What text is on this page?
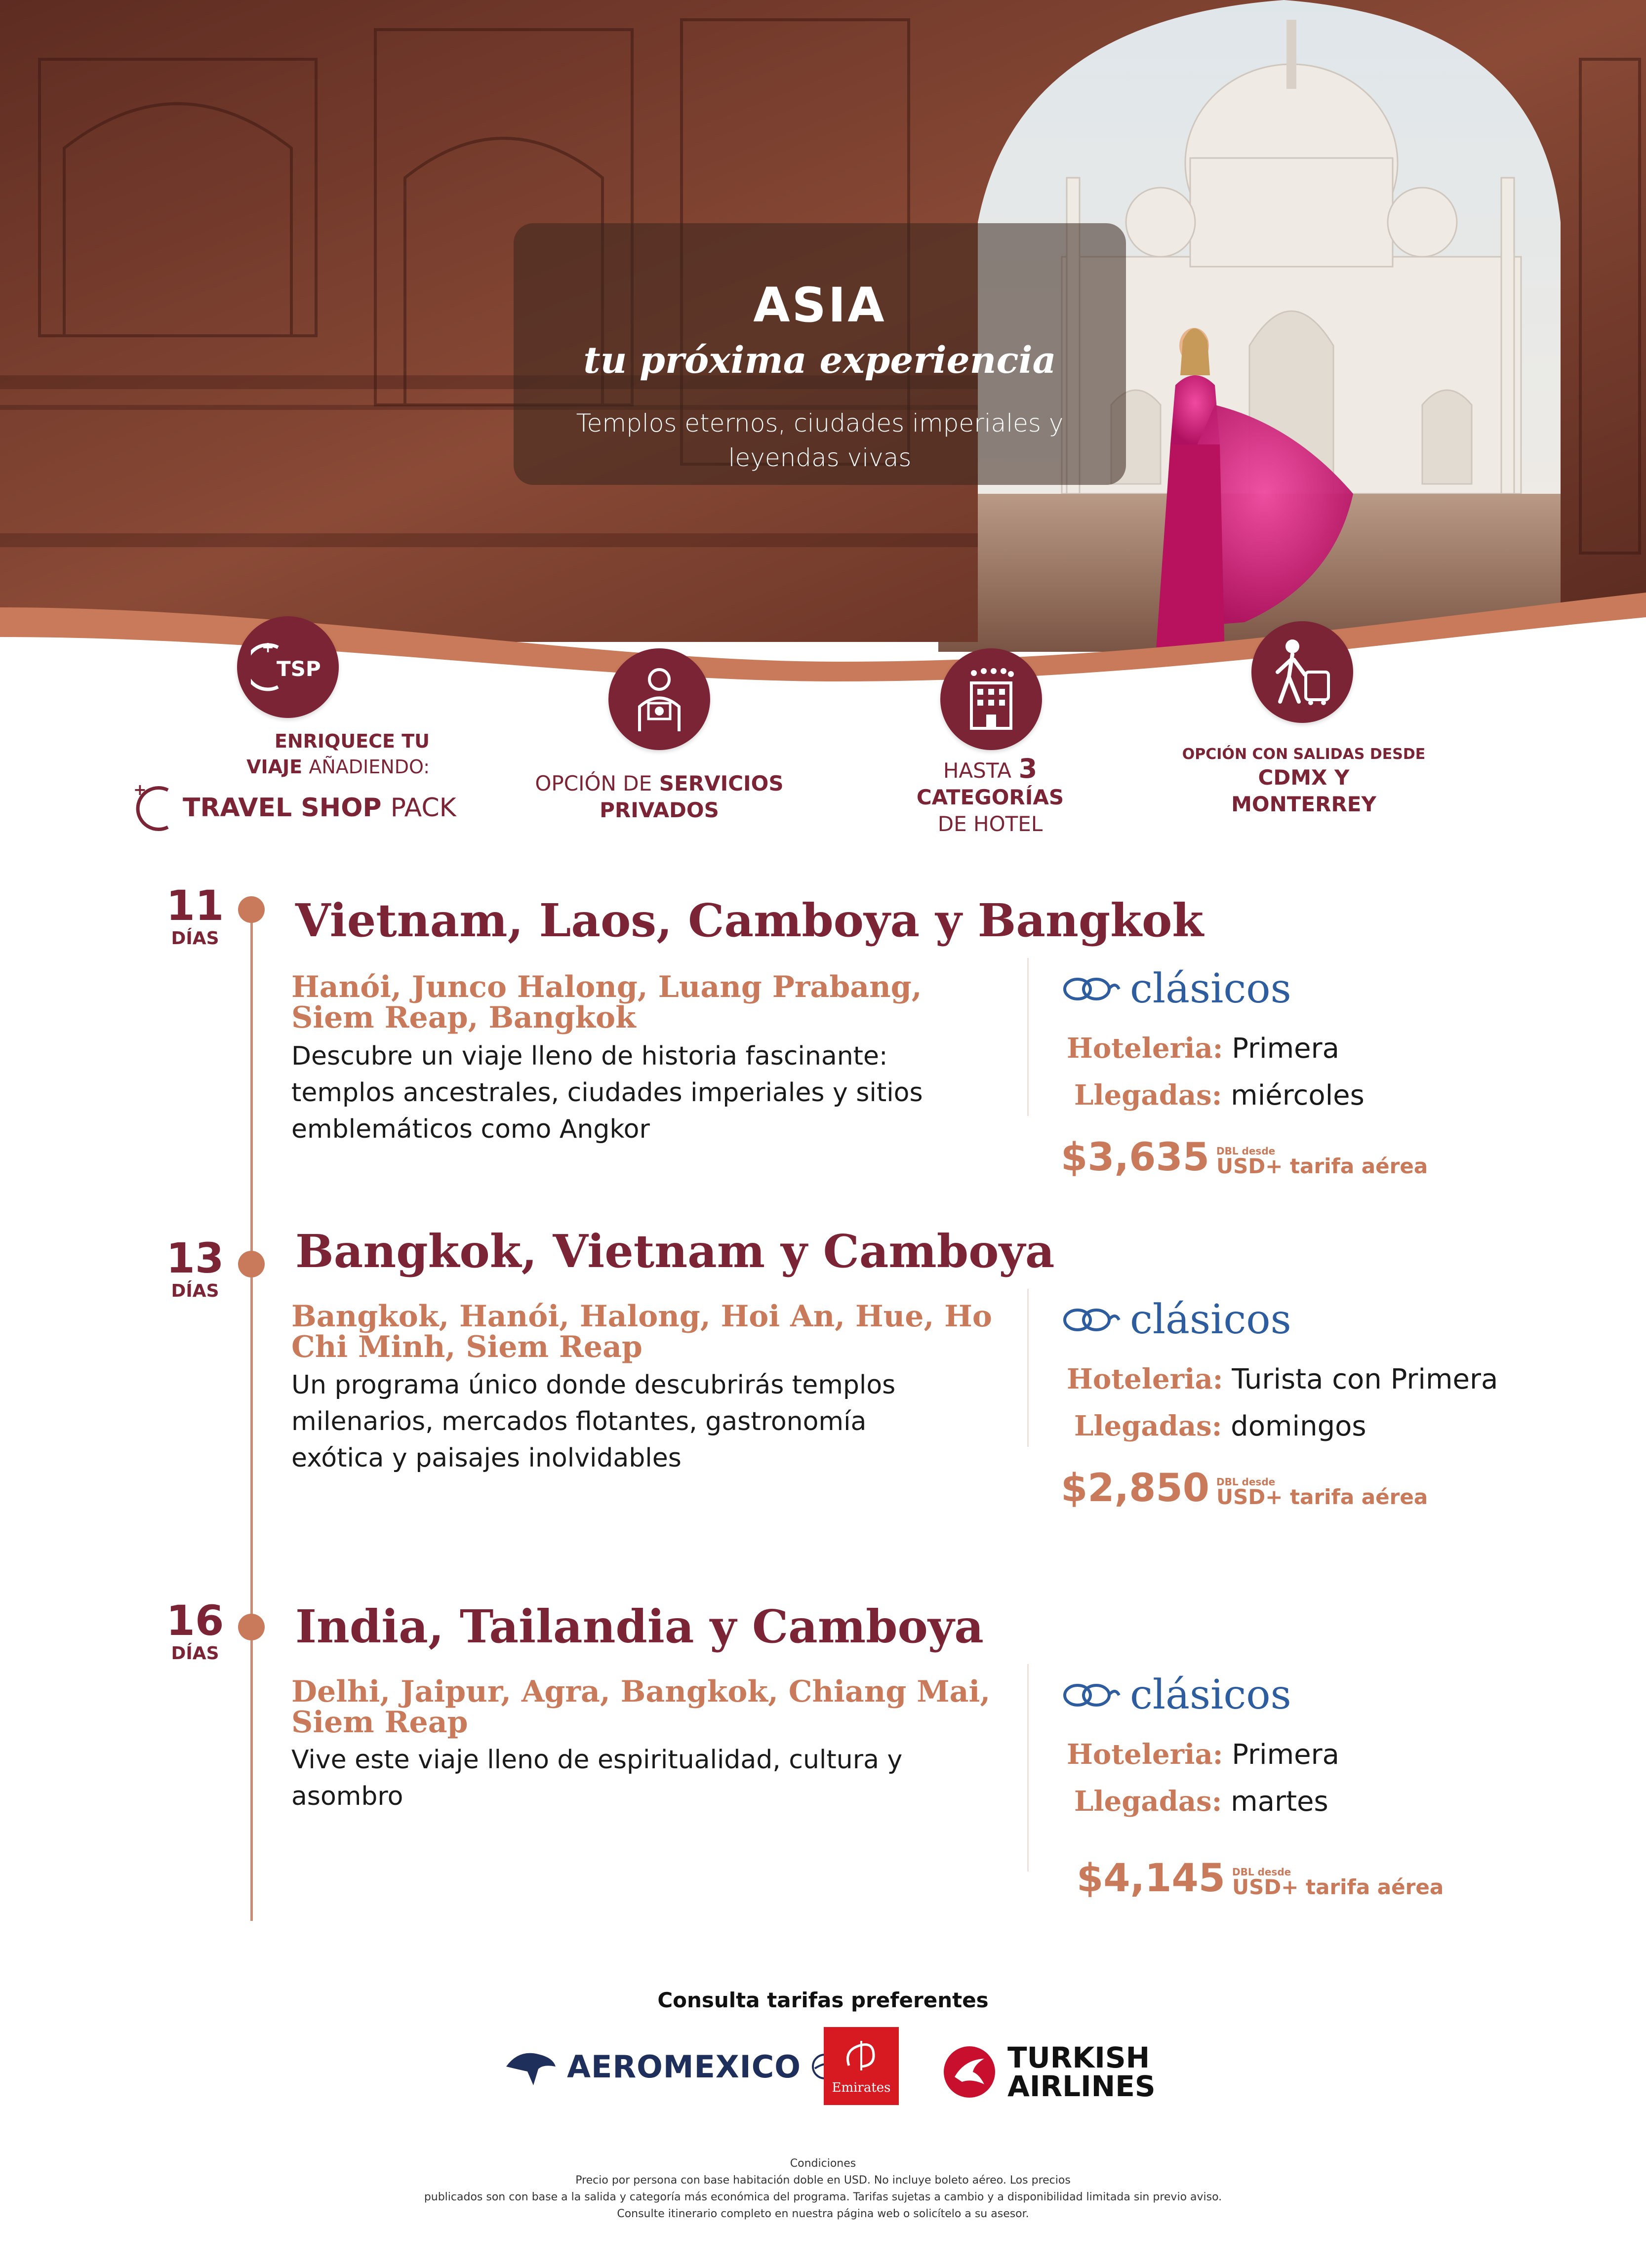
ASIA
tu próxima experiencia
Templos eternos, ciudades imperiales y leyendas vivas
+
TSP
ENRIQUECE TU
VIAJE AÑADIENDO:
+
TRAVEL SHOP PACK
OPCIÓN DE SERVICIOS
PRIVADOS
HASTA 3
CATEGORÍAS
DE HOTEL
OPCIÓN CON SALIDAS DESDE
CDMX Y
MONTERREY
11
DÍAS	Vietnam, Laos, Camboya y Bangkok
Hanói, Junco Halong, Luang Prabang, Siem Reap, Bangkok
Descubre un viaje lleno de historia fascinante: templos ancestrales, ciudades imperiales y sitios emblemáticos como Angkor
clásicos
Hoteleria: Primera
Llegadas: miércoles
$3,635 DBL desde
USD+ tarifa aérea
13
DÍAS
Bangkok, Vietnam y Camboya
Bangkok, Hanói, Halong, Hoi An, Hue, Ho Chi Minh, Siem Reap
Un programa único donde descubrirás templos milenarios, mercados flotantes, gastronomía exótica y paisajes inolvidables
clásicos
Hoteleria: Turista con Primera
Llegadas: domingos
$2,850 DBL desde
USD+ tarifa aérea
16
DÍAS
India, Tailandia y Camboya
Delhi, Jaipur, Agra, Bangkok, Chiang Mai, Siem Reap
Vive este viaje lleno de espiritualidad, cultura y asombro
clásicos
Hoteleria: Primera
Llegadas: martes
$4,145 DBL desde
USD+ tarifa aérea
Consulta tarifas preferentes
AEROMEXICO
Emirates
TURKISH
AIRLINES
Condiciones
Precio por persona con base habitación doble en USD. No incluye boleto aéreo. Los precios
publicados son con base a la salida y categoría más económica del programa. Tarifas sujetas a cambio y a disponibilidad limitada sin previo aviso.
Consulte itinerario completo en nuestra página web o solicítelo a su asesor.
